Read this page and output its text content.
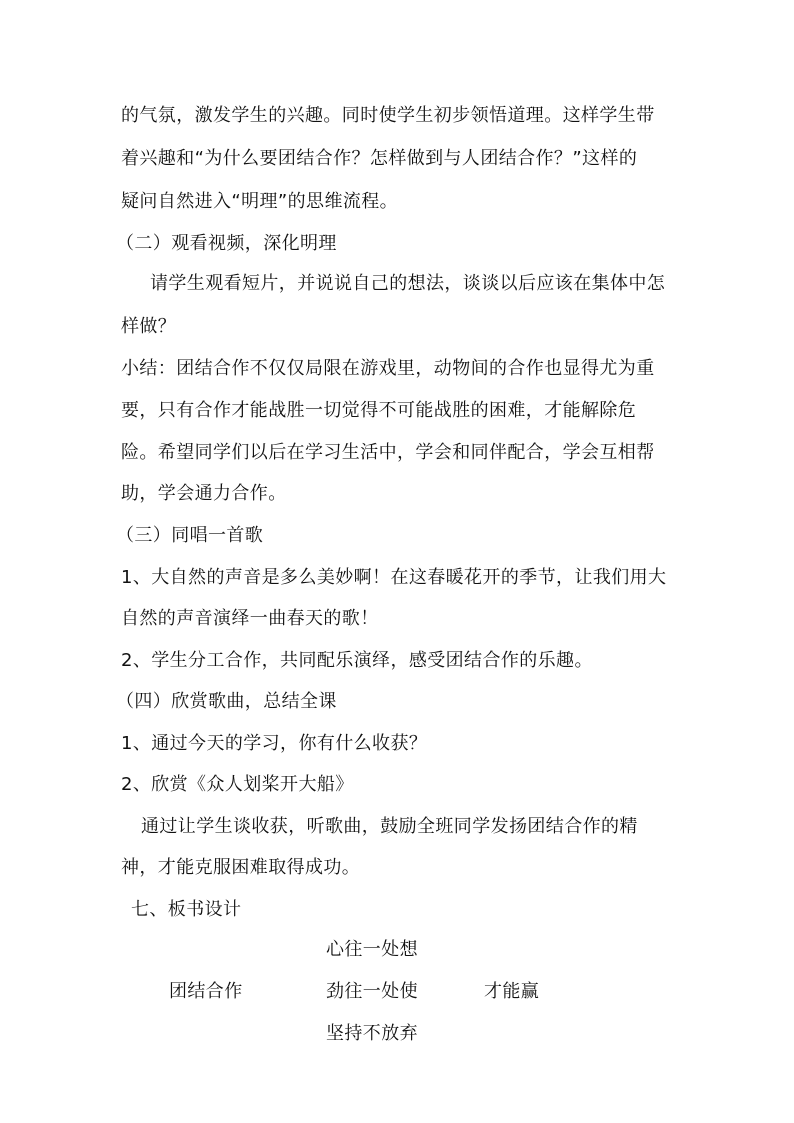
的气氛，激发学生的兴趣。同时使学生初步领悟道理。这样学生带
着兴趣和“为什么要团结合作？怎样做到与人团结合作？”这样的
疑问自然进入“明理”的思维流程。
（二）观看视频，深化明理
请学生观看短片，并说说自己的想法，谈谈以后应该在集体中怎
样做？
小结：团结合作不仅仅局限在游戏里，动物间的合作也显得尤为重
要，只有合作才能战胜一切觉得不可能战胜的困难，才能解除危
险。希望同学们以后在学习生活中，学会和同伴配合，学会互相帮
助，学会通力合作。
（三）同唱一首歌
1、大自然的声音是多么美妙啊！在这春暖花开的季节，让我们用大
自然的声音演绎一曲春天的歌！
2、学生分工合作，共同配乐演绎，感受团结合作的乐趣。
（四）欣赏歌曲，总结全课
1、通过今天的学习，你有什么收获？
2、欣赏《众人划桨开大船》
通过让学生谈收获，听歌曲，鼓励全班同学发扬团结合作的精
神，才能克服困难取得成功。
七、板书设计
心往一处想
团结合作	劲往一处使	才能赢
坚持不放弃
